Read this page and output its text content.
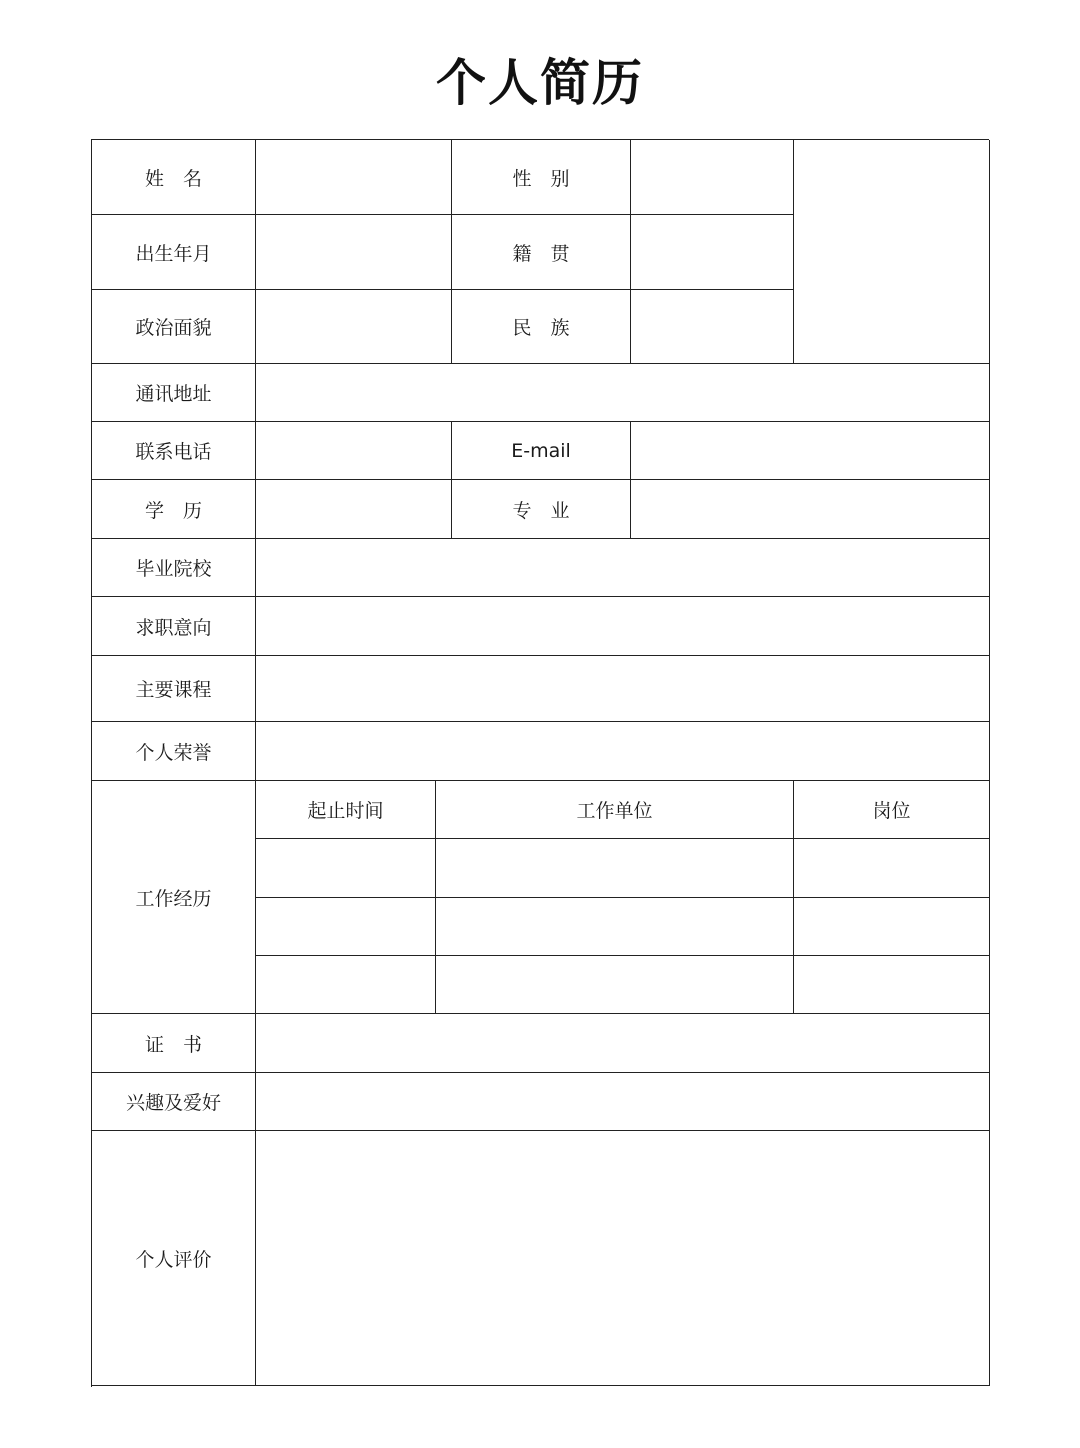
个人简历
姓　名	性　别
出生年月	籍　贯
政治面貌	民　族
通讯地址
联系电话	E-mail
学　历	专　业
毕业院校
求职意向
主要课程
个人荣誉
工作经历
起止时间	工作单位	岗位
证　书
兴趣及爱好
个人评价
